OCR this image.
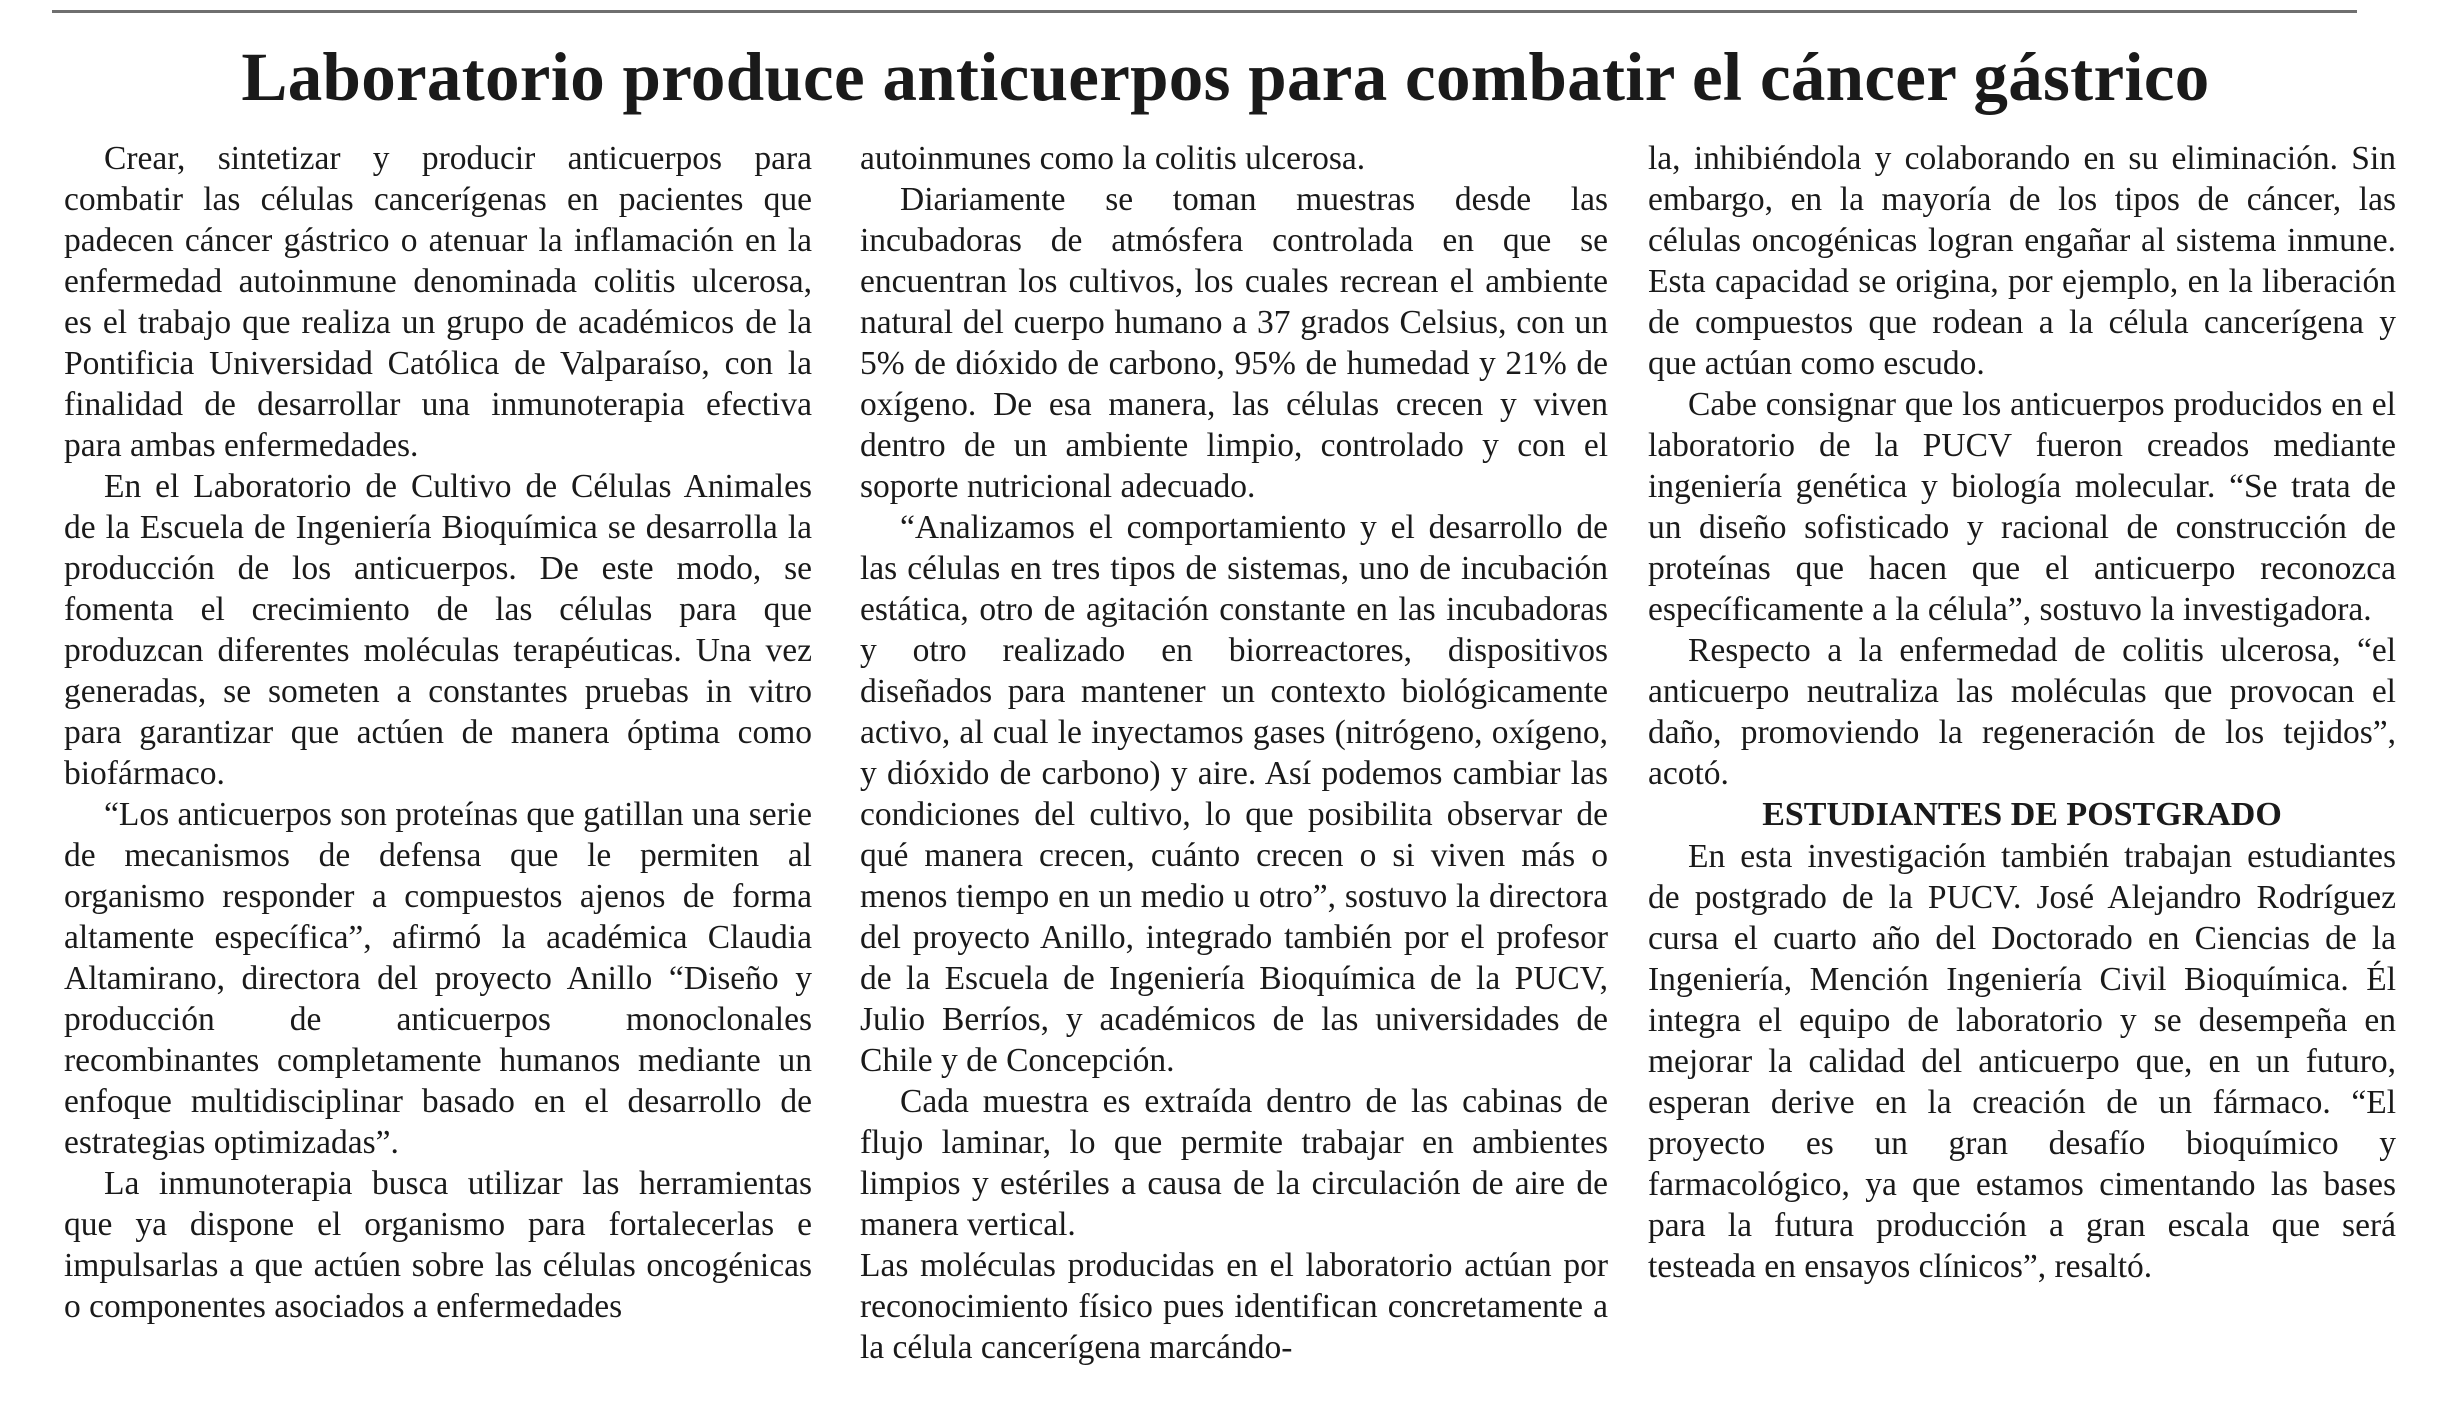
Laboratorio produce anticuerpos para combatir el cáncer gástrico

Crear, sintetizar y producir anticuerpos para combatir las células cancerígenas en pacientes que padecen cáncer gástrico o atenuar la inflamación en la enfermedad autoinmune denominada colitis ulcerosa, es el trabajo que realiza un grupo de académicos de la Pontificia Universidad Católica de Valparaíso, con la finalidad de desarrollar una inmunoterapia efectiva para ambas enfermedades.

En el Laboratorio de Cultivo de Células Animales de la Escuela de Ingeniería Bioquímica se desarrolla la producción de los anticuerpos. De este modo, se fomenta el crecimiento de las células para que produzcan diferentes moléculas terapéuticas. Una vez generadas, se someten a constantes pruebas in vitro para garantizar que actúen de manera óptima como biofármaco.

“Los anticuerpos son proteínas que gatillan una serie de mecanismos de defensa que le permiten al organismo responder a compuestos ajenos de forma altamente específica”, afirmó la académica Claudia Altamirano, directora del proyecto Anillo “Diseño y producción de anticuerpos monoclonales recombinantes completamente humanos mediante un enfoque multidisciplinar basado en el desarrollo de estrategias optimizadas”.

La inmunoterapia busca utilizar las herramientas que ya dispone el organismo para fortalecerlas e impulsarlas a que actúen sobre las células oncogénicas o componentes asociados a enfermedades

autoinmunes como la colitis ulcerosa.

Diariamente se toman muestras desde las incubadoras de atmósfera controlada en que se encuentran los cultivos, los cuales recrean el ambiente natural del cuerpo humano a 37 grados Celsius, con un 5% de dióxido de carbono, 95% de humedad y 21% de oxígeno. De esa manera, las células crecen y viven dentro de un ambiente limpio, controlado y con el soporte nutricional adecuado.

“Analizamos el comportamiento y el desarrollo de las células en tres tipos de sistemas, uno de incubación estática, otro de agitación constante en las incubadoras y otro realizado en biorreactores, dispositivos diseñados para mantener un contexto biológicamente activo, al cual le inyectamos gases (nitrógeno, oxígeno, y dióxido de carbono) y aire. Así podemos cambiar las condiciones del cultivo, lo que posibilita observar de qué manera crecen, cuánto crecen o si viven más o menos tiempo en un medio u otro”, sostuvo la directora del proyecto Anillo, integrado también por el profesor de la Escuela de Ingeniería Bioquímica de la PUCV, Julio Berríos, y académicos de las universidades de Chile y de Concepción.

Cada muestra es extraída dentro de las cabinas de flujo laminar, lo que permite trabajar en ambientes limpios y estériles a causa de la circulación de aire de manera vertical.

Las moléculas producidas en el laboratorio actúan por reconocimiento físico pues identifican concretamente a la célula cancerígena marcándo-

la, inhibiéndola y colaborando en su eliminación. Sin embargo, en la mayoría de los tipos de cáncer, las células oncogénicas logran engañar al sistema inmune. Esta capacidad se origina, por ejemplo, en la liberación de compuestos que rodean a la célula cancerígena y que actúan como escudo.

Cabe consignar que los anticuerpos producidos en el laboratorio de la PUCV fueron creados mediante ingeniería genética y biología molecular. “Se trata de un diseño sofisticado y racional de construcción de proteínas que hacen que el anticuerpo reconozca específicamente a la célula”, sostuvo la investigadora.

Respecto a la enfermedad de colitis ulcerosa, “el anticuerpo neutraliza las moléculas que provocan el daño, promoviendo la regeneración de los tejidos”, acotó.

ESTUDIANTES DE POSTGRADO

En esta investigación también trabajan estudiantes de postgrado de la PUCV. José Alejandro Rodríguez cursa el cuarto año del Doctorado en Ciencias de la Ingeniería, Mención Ingeniería Civil Bioquímica. Él integra el equipo de laboratorio y se desempeña en mejorar la calidad del anticuerpo que, en un futuro, esperan derive en la creación de un fármaco. “El proyecto es un gran desafío bioquímico y farmacológico, ya que estamos cimentando las bases para la futura producción a gran escala que será testeada en ensayos clínicos”, resaltó.
